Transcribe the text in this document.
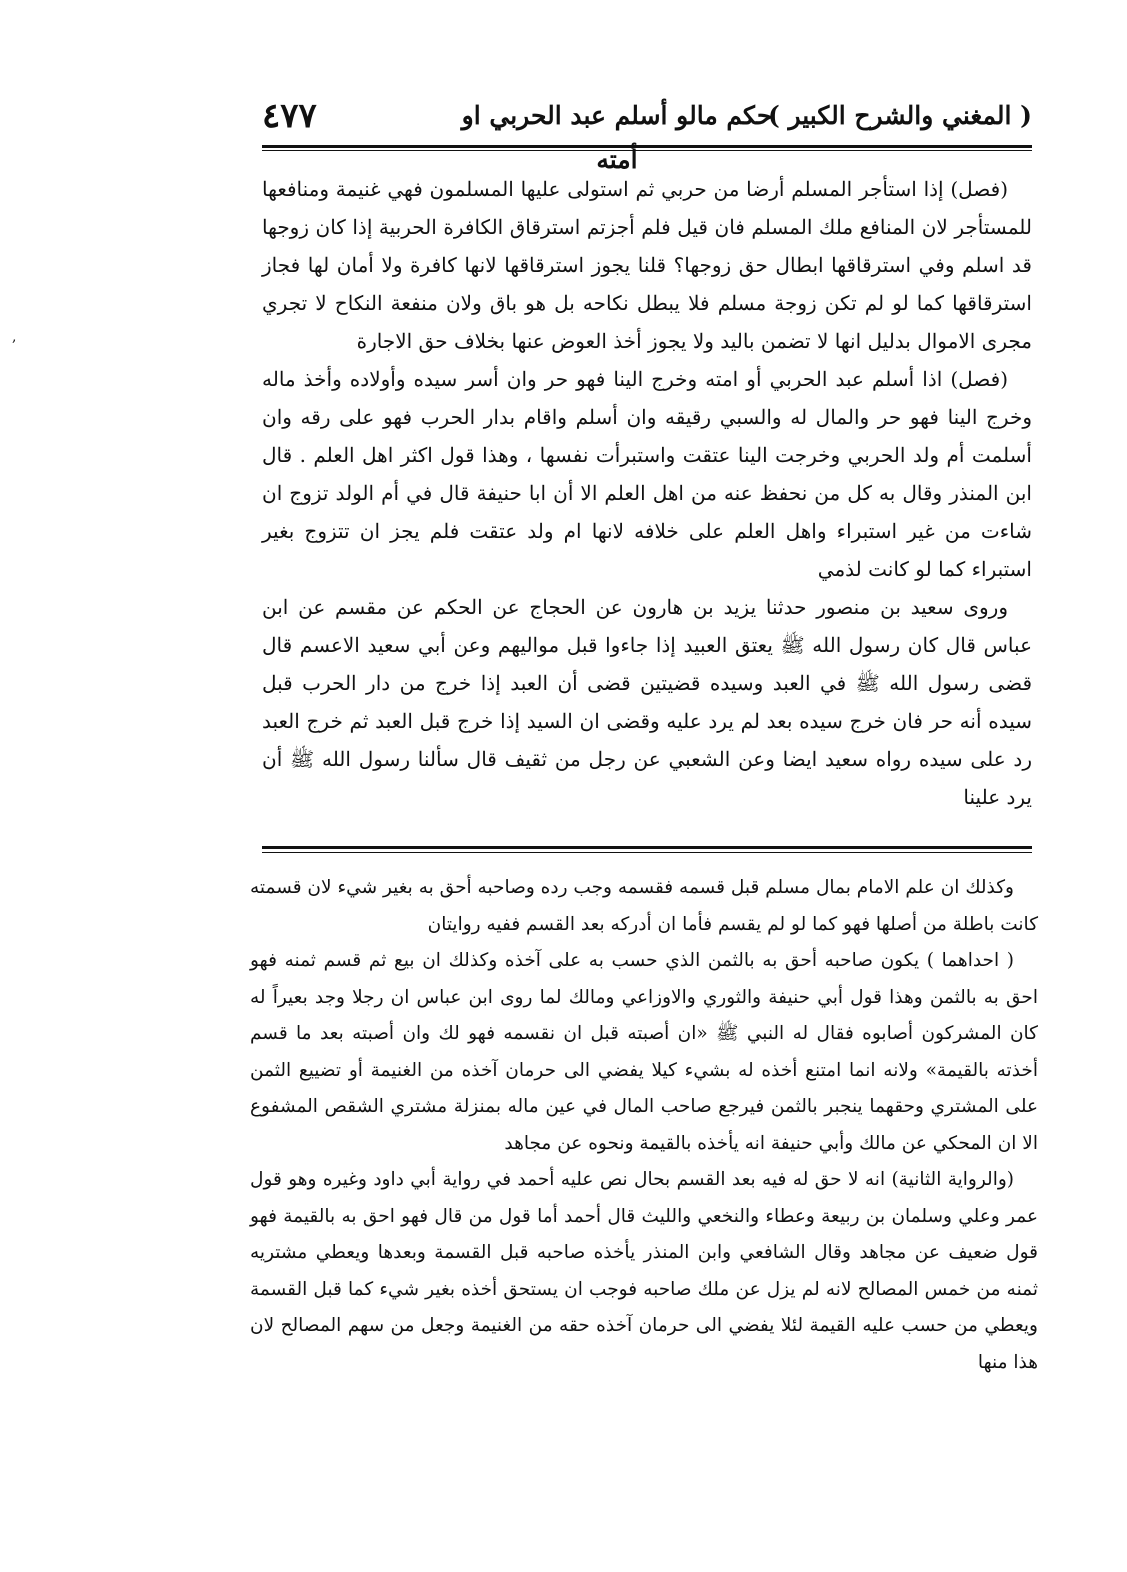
٤٧٧	حكم مالو أسلم عبد الحربي او أمته
( المغني والشرح الكبير )
,

(فصل) إذا استأجر المسلم أرضا من حربي ثم استولى عليها المسلمون فهي غنيمة ومنافعها للمستأجر لان المنافع ملك المسلم فان قيل فلم أجزتم استرقاق الكافرة الحربية إذا كان زوجها قد اسلم وفي استرقاقها ابطال حق زوجها؟ قلنا يجوز استرقاقها لانها كافرة ولا أمان لها فجاز استرقاقها كما لو لم تكن زوجة مسلم فلا يبطل نكاحه بل هو باق ولان منفعة النكاح لا تجري مجرى الاموال بدليل انها لا تضمن باليد ولا يجوز أخذ العوض عنها بخلاف حق الاجارة

(فصل) اذا أسلم عبد الحربي أو امته وخرج الينا فهو حر وان أسر سيده وأولاده وأخذ ماله وخرج الينا فهو حر والمال له والسبي رقيقه وان أسلم واقام بدار الحرب فهو على رقه وان أسلمت أم ولد الحربي وخرجت الينا عتقت واستبرأت نفسها ، وهذا قول اكثر اهل العلم . قال ابن المنذر وقال به كل من نحفظ عنه من اهل العلم الا أن ابا حنيفة قال في أم الولد تزوج ان شاءت من غير استبراء واهل العلم على خلافه لانها ام ولد عتقت فلم يجز ان تتزوج بغير استبراء كما لو كانت لذمي

وروى سعيد بن منصور حدثنا يزيد بن هارون عن الحجاج عن الحكم عن مقسم عن ابن عباس قال كان رسول الله ﷺ يعتق العبيد إذا جاءوا قبل مواليهم وعن أبي سعيد الاعسم قال قضى رسول الله ﷺ في العبد وسيده قضيتين قضى أن العبد إذا خرج من دار الحرب قبل سيده أنه حر فان خرج سيده بعد لم يرد عليه وقضى ان السيد إذا خرج قبل العبد ثم خرج العبد رد على سيده رواه سعيد ايضا وعن الشعبي عن رجل من ثقيف قال سألنا رسول الله ﷺ أن يرد علينا

وكذلك ان علم الامام بمال مسلم قبل قسمه فقسمه وجب رده وصاحبه أحق به بغير شيء لان قسمته كانت باطلة من أصلها فهو كما لو لم يقسم فأما ان أدركه بعد القسم ففيه روايتان

( احداهما ) يكون صاحبه أحق به بالثمن الذي حسب به على آخذه وكذلك ان بيع ثم قسم ثمنه فهو احق به بالثمن وهذا قول أبي حنيفة والثوري والاوزاعي ومالك لما روى ابن عباس ان رجلا وجد بعيراً له كان المشركون أصابوه فقال له النبي ﷺ «ان أصبته قبل ان نقسمه فهو لك وان أصبته بعد ما قسم أخذته بالقيمة» ولانه انما امتنع أخذه له بشيء كيلا يفضي الى حرمان آخذه من الغنيمة أو تضييع الثمن على المشتري وحقهما ينجبر بالثمن فيرجع صاحب المال في عين ماله بمنزلة مشتري الشقص المشفوع الا ان المحكي عن مالك وأبي حنيفة انه يأخذه بالقيمة ونحوه عن مجاهد

(والرواية الثانية) انه لا حق له فيه بعد القسم بحال نص عليه أحمد في رواية أبي داود وغيره وهو قول عمر وعلي وسلمان بن ربيعة وعطاء والنخعي والليث قال أحمد أما قول من قال فهو احق به بالقيمة فهو قول ضعيف عن مجاهد وقال الشافعي وابن المنذر يأخذه صاحبه قبل القسمة وبعدها ويعطي مشتريه ثمنه من خمس المصالح لانه لم يزل عن ملك صاحبه فوجب ان يستحق أخذه بغير شيء كما قبل القسمة ويعطي من حسب عليه القيمة لئلا يفضي الى حرمان آخذه حقه من الغنيمة وجعل من سهم المصالح لان هذا منها
